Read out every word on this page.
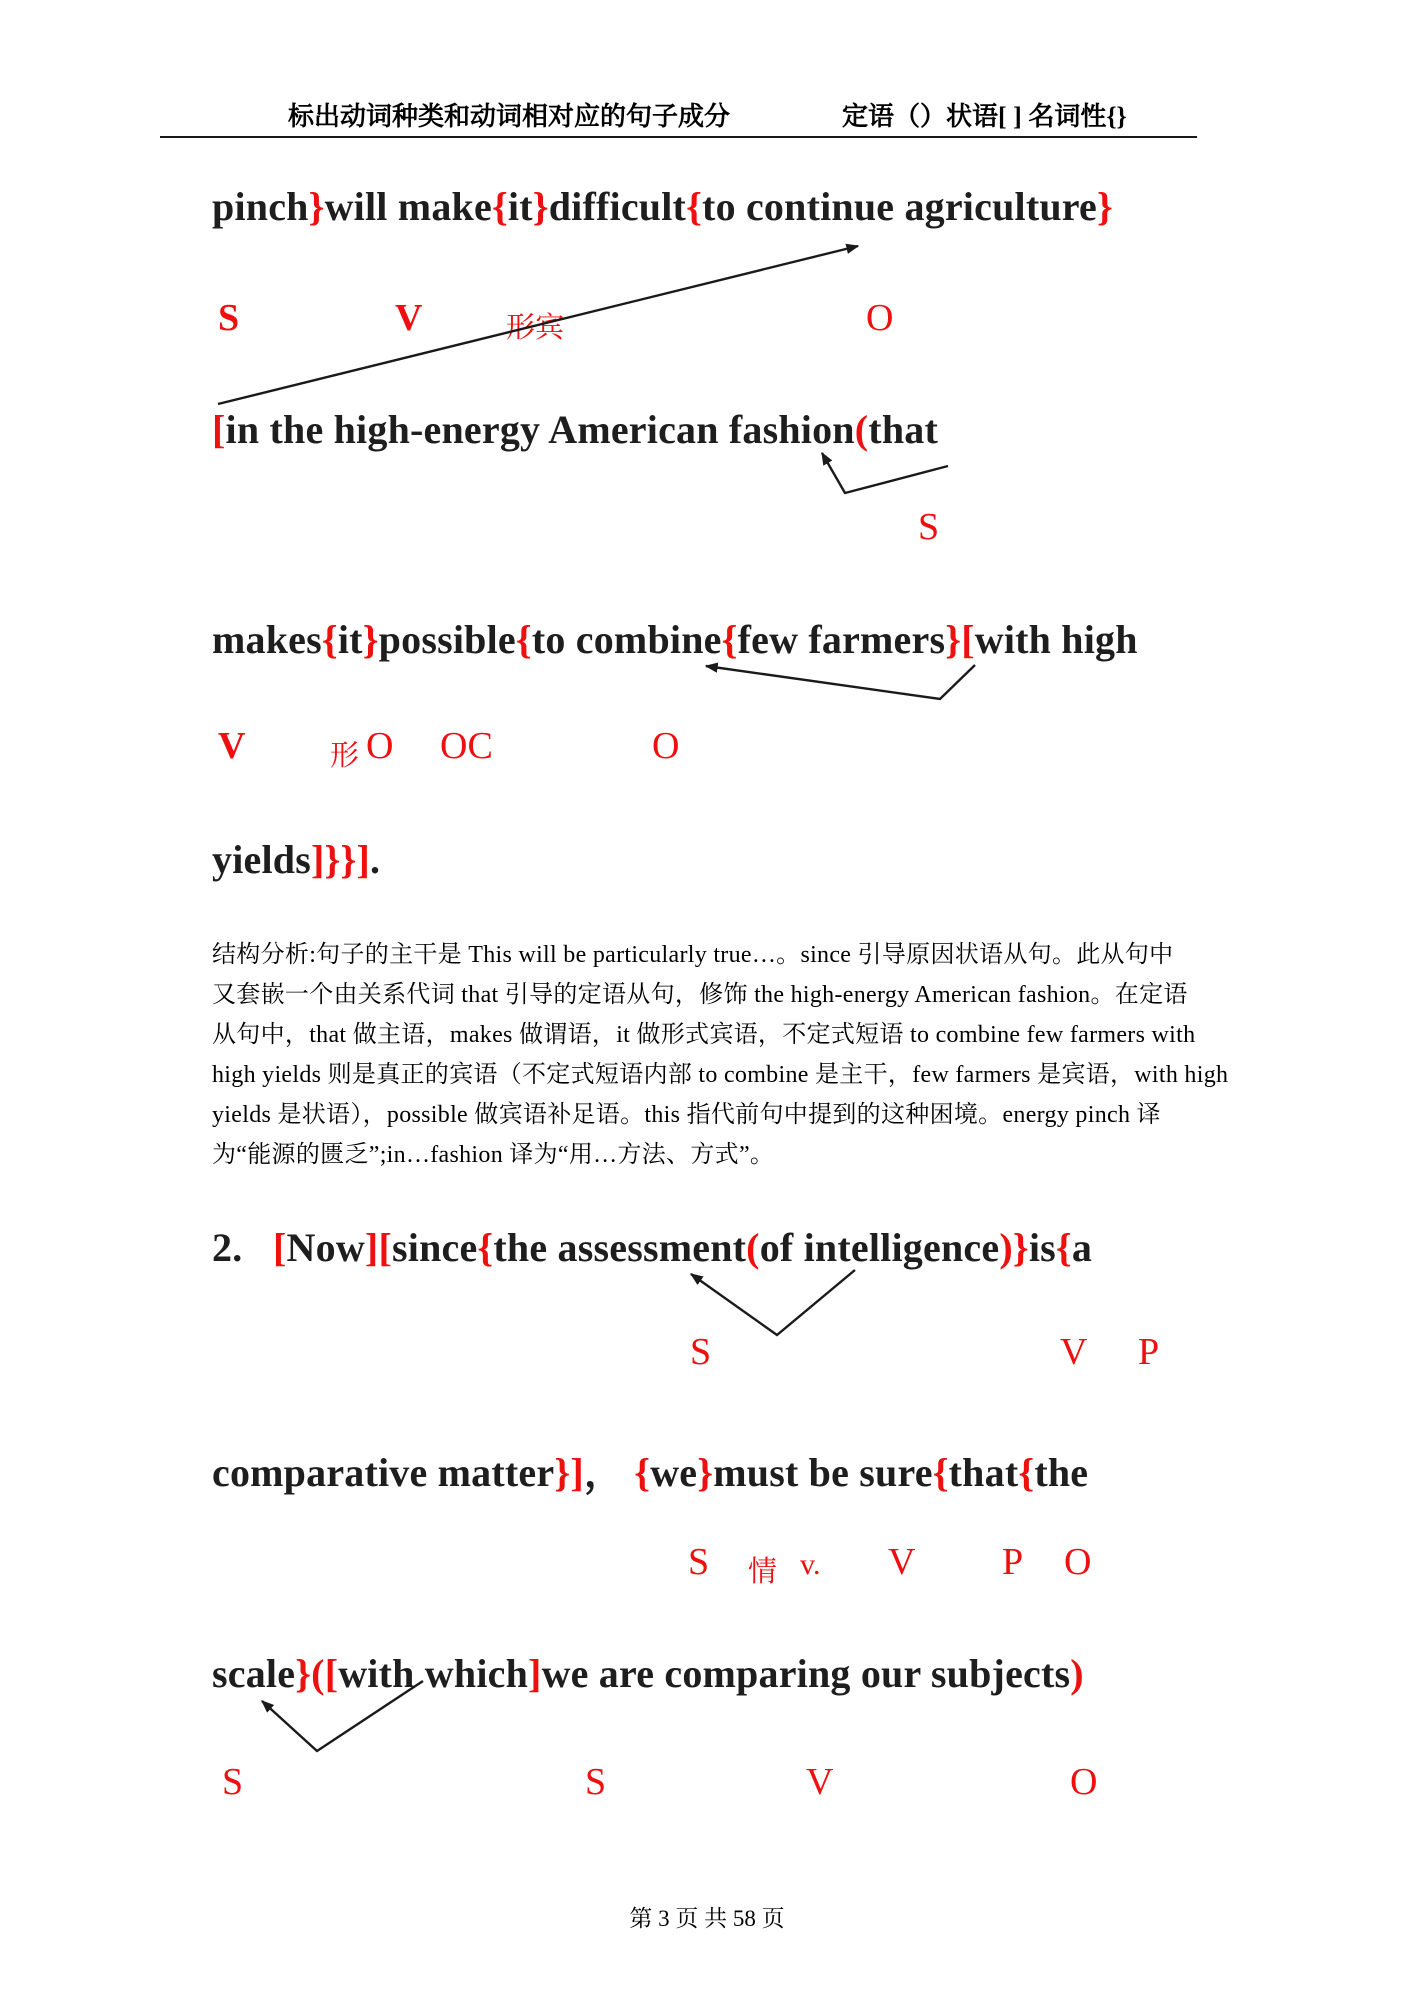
标出动词种类和动词相对应的句子成分	定语（）状语[ ] 名词性{}
pinch}will make{it}difficult{to continue agriculture}
S	V	形宾	O
[in the high-energy American fashion(that
S
makes{it}possible{to combine{few farmers}[with high
V	形 O OC	O
yields]}}].
结构分析:句子的主干是 This will be particularly true…。since 引导原因状语从句。此从句中
又套嵌一个由关系代词 that 引导的定语从句，修饰 the high-energy American fashion。在定语
从句中，that 做主语，makes 做谓语，it 做形式宾语，不定式短语 to combine few farmers with
high yields 则是真正的宾语（不定式短语内部 to combine 是主干，few farmers 是宾语，with high
yields 是状语），possible 做宾语补足语。this 指代前句中提到的这种困境。energy pinch 译
为“能源的匮乏”;in…fashion 译为“用…方法、方式”。
2. [Now][since{the assessment(of intelligence)}is{a
S	V P
comparative matter}]， {we}must be sure{that{the
S 情 v. V P O
scale}([with which]we are comparing our subjects)
S	S	V	O
第 3 页 共 58 页
